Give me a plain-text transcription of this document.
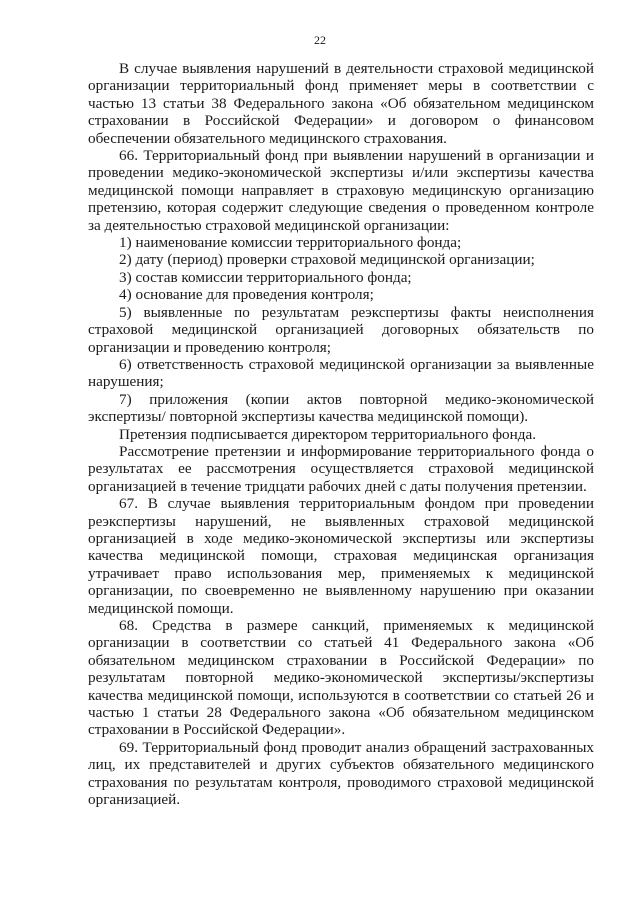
22

В случае выявления нарушений в деятельности страховой медицинской организации территориальный фонд применяет меры в соответствии с частью 13 статьи 38 Федерального закона «Об обязательном медицинском страховании в Российской Федерации» и договором о финансовом обеспечении обязательного медицинского страхования.

66. Территориальный фонд при выявлении нарушений в организации и проведении медико-экономической экспертизы и/или экспертизы качества медицинской помощи направляет в страховую медицинскую организацию претензию, которая содержит следующие сведения о проведенном контроле за деятельностью страховой медицинской организации:

1) наименование комиссии территориального фонда;

2) дату (период) проверки страховой медицинской организации;

3) состав комиссии территориального фонда;

4) основание для проведения контроля;

5) выявленные по результатам реэкспертизы факты неисполнения страховой медицинской организацией договорных обязательств по организации и проведению контроля;

6) ответственность страховой медицинской организации за выявленные нарушения;

7) приложения (копии актов повторной медико-экономической экспертизы/ повторной экспертизы качества медицинской помощи).

Претензия подписывается директором территориального фонда.

Рассмотрение претензии и информирование территориального фонда о результатах ее рассмотрения осуществляется страховой медицинской организацией в течение тридцати рабочих дней с даты получения претензии.

67. В случае выявления территориальным фондом при проведении реэкспертизы нарушений, не выявленных страховой медицинской организацией в ходе медико-экономической экспертизы или экспертизы качества медицинской помощи, страховая медицинская организация утрачивает право использования мер, применяемых к медицинской организации, по своевременно не выявленному нарушению при оказании медицинской помощи.

68. Средства в размере санкций, применяемых к медицинской организации в соответствии со статьей 41 Федерального закона «Об обязательном медицинском страховании в Российской Федерации» по результатам повторной медико-экономической экспертизы/экспертизы качества медицинской помощи, используются в соответствии со статьей 26 и частью 1 статьи 28 Федерального закона «Об обязательном медицинском страховании в Российской Федерации».

69. Территориальный фонд проводит анализ обращений застрахованных лиц, их представителей и других субъектов обязательного медицинского страхования по результатам контроля, проводимого страховой медицинской организацией.
